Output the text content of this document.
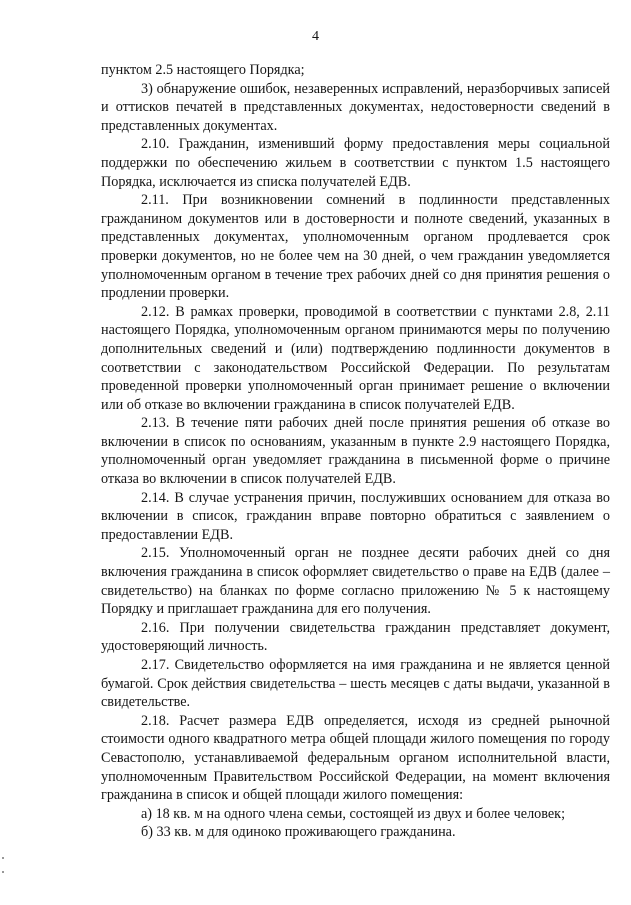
4

пунктом 2.5 настоящего Порядка;

3) обнаружение ошибок, незаверенных исправлений, неразборчивых записей и оттисков печатей в представленных документах, недостоверности сведений в представленных документах.

2.10. Гражданин, изменивший форму предоставления меры социальной поддержки по обеспечению жильем в соответствии с пунктом 1.5 настоящего Порядка, исключается из списка получателей ЕДВ.

2.11. При возникновении сомнений в подлинности представленных гражданином документов или в достоверности и полноте сведений, указанных в представленных документах, уполномоченным органом продлевается срок проверки документов, но не более чем на 30 дней, о чем гражданин уведомляется уполномоченным органом в течение трех рабочих дней со дня принятия решения о продлении проверки.

2.12. В рамках проверки, проводимой в соответствии с пунктами 2.8, 2.11 настоящего Порядка, уполномоченным органом принимаются меры по получению дополнительных сведений и (или) подтверждению подлинности документов в соответствии с законодательством Российской Федерации. По результатам проведенной проверки уполномоченный орган принимает решение о включении или об отказе во включении гражданина в список получателей ЕДВ.

2.13. В течение пяти рабочих дней после принятия решения об отказе во включении в список по основаниям, указанным в пункте 2.9 настоящего Порядка, уполномоченный орган уведомляет гражданина в письменной форме о причине отказа во включении в список получателей ЕДВ.

2.14. В случае устранения причин, послуживших основанием для отказа во включении в список, гражданин вправе повторно обратиться с заявлением о предоставлении ЕДВ.

2.15. Уполномоченный орган не позднее десяти рабочих дней со дня включения гражданина в список оформляет свидетельство о праве на ЕДВ (далее – свидетельство) на бланках по форме согласно приложению № 5 к настоящему Порядку и приглашает гражданина для его получения.

2.16. При получении свидетельства гражданин представляет документ, удостоверяющий личность.

2.17. Свидетельство оформляется на имя гражданина и не является ценной бумагой. Срок действия свидетельства – шесть месяцев с даты выдачи, указанной в свидетельстве.

2.18. Расчет размера ЕДВ определяется, исходя из средней рыночной стоимости одного квадратного метра общей площади жилого помещения по городу Севастополю, устанавливаемой федеральным органом исполнительной власти, уполномоченным Правительством Российской Федерации, на момент включения гражданина в список и общей площади жилого помещения:

а) 18 кв. м на одного члена семьи, состоящей из двух и более человек;

б) 33 кв. м для одиноко проживающего гражданина.
